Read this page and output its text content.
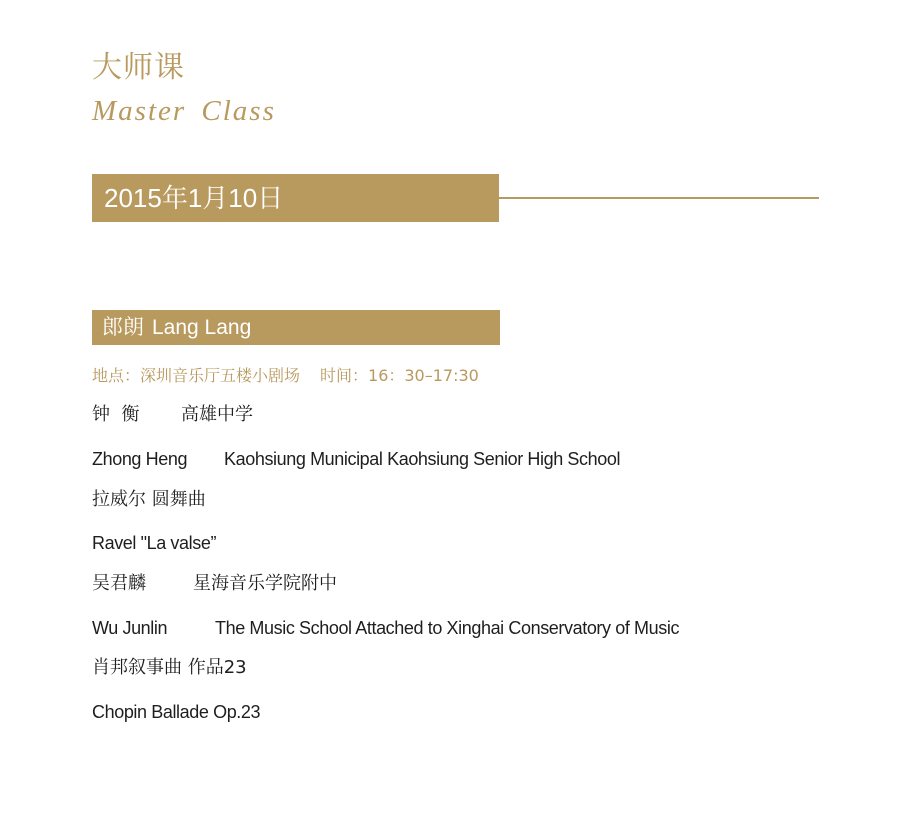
大师课
Master Class
2015年1月10日
郎朗 Lang Lang
地点：深圳音乐厅五楼小剧场 时间：16：30–17:30
钟  衡 高雄中学
Zhong Heng Kaohsiung Municipal Kaohsiung Senior High School
拉威尔 圆舞曲
Ravel "La valse”
吴君麟	星海音乐学院附中
Wu Junlin	The Music School Attached to Xinghai Conservatory of Music
肖邦叙事曲 作品23
Chopin Ballade Op.23
